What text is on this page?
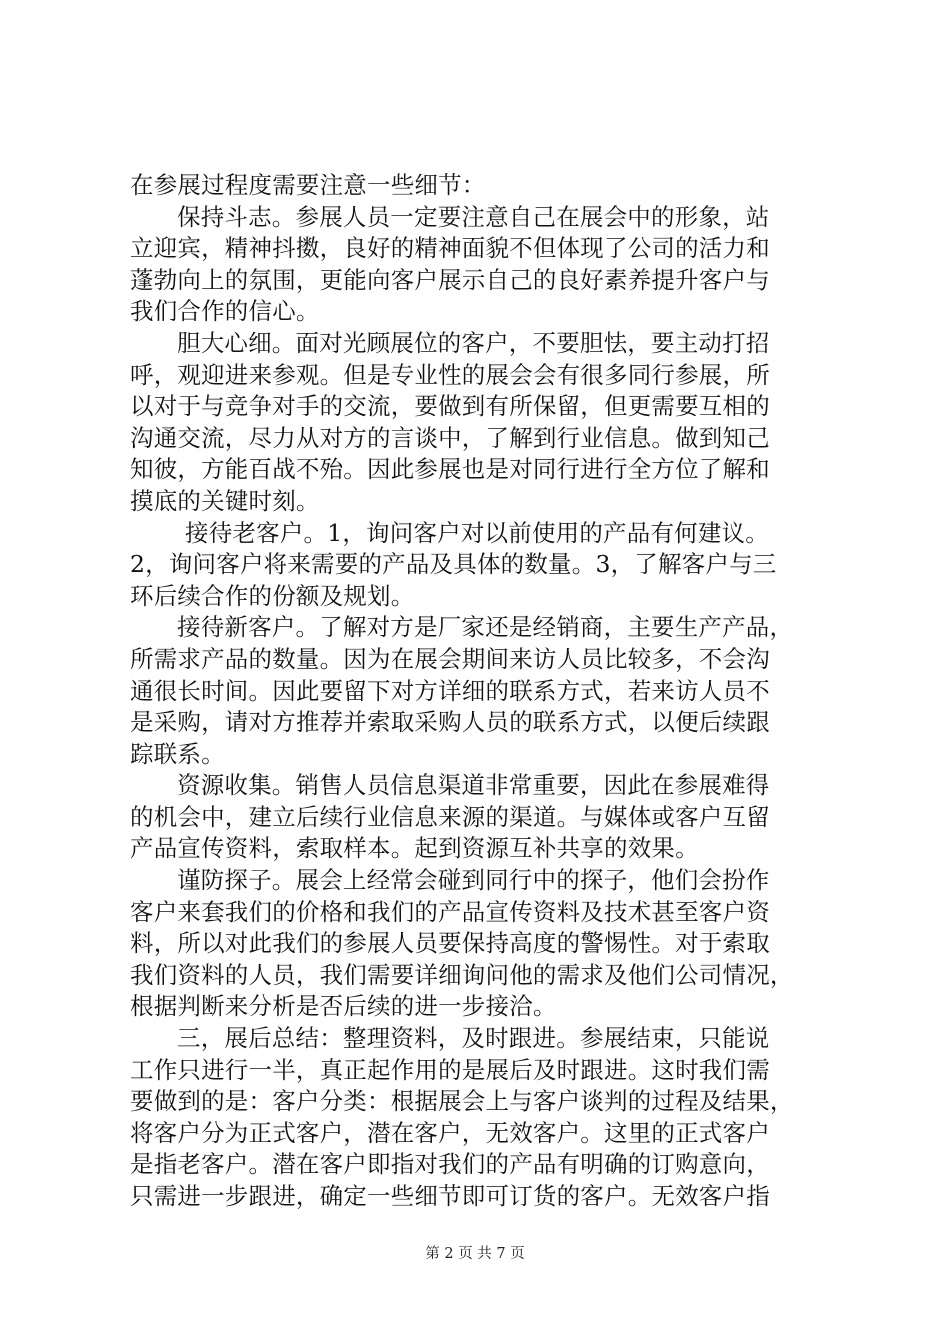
在参展过程度需要注意一些细节：
保持斗志。参展人员一定要注意自己在展会中的形象，站
立迎宾，精神抖擞，良好的精神面貌不但体现了公司的活力和
蓬勃向上的氛围，更能向客户展示自己的良好素养提升客户与
我们合作的信心。
胆大心细。面对光顾展位的客户，不要胆怯，要主动打招
呼，观迎进来参观。但是专业性的展会会有很多同行参展，所
以对于与竞争对手的交流，要做到有所保留，但更需要互相的
沟通交流，尽力从对方的言谈中，了解到行业信息。做到知己
知彼，方能百战不殆。因此参展也是对同行进行全方位了解和
摸底的关键时刻。
接待老客户。1，询问客户对以前使用的产品有何建议。
2，询问客户将来需要的产品及具体的数量。3，了解客户与三
环后续合作的份额及规划。
接待新客户。了解对方是厂家还是经销商，主要生产产品，
所需求产品的数量。因为在展会期间来访人员比较多，不会沟
通很长时间。因此要留下对方详细的联系方式，若来访人员不
是采购，请对方推荐并索取采购人员的联系方式，以便后续跟
踪联系。
资源收集。销售人员信息渠道非常重要，因此在参展难得
的机会中，建立后续行业信息来源的渠道。与媒体或客户互留
产品宣传资料，索取样本。起到资源互补共享的效果。
谨防探子。展会上经常会碰到同行中的探子，他们会扮作
客户来套我们的价格和我们的产品宣传资料及技术甚至客户资
料，所以对此我们的参展人员要保持高度的警惕性。对于索取
我们资料的人员，我们需要详细询问他的需求及他们公司情况，
根据判断来分析是否后续的进一步接洽。
三，展后总结：整理资料，及时跟进。参展结束，只能说
工作只进行一半，真正起作用的是展后及时跟进。这时我们需
要做到的是：客户分类：根据展会上与客户谈判的过程及结果，
将客户分为正式客户，潜在客户，无效客户。这里的正式客户
是指老客户。潜在客户即指对我们的产品有明确的订购意向，
只需进一步跟进，确定一些细节即可订货的客户。无效客户指
第 2 页 共 7 页
